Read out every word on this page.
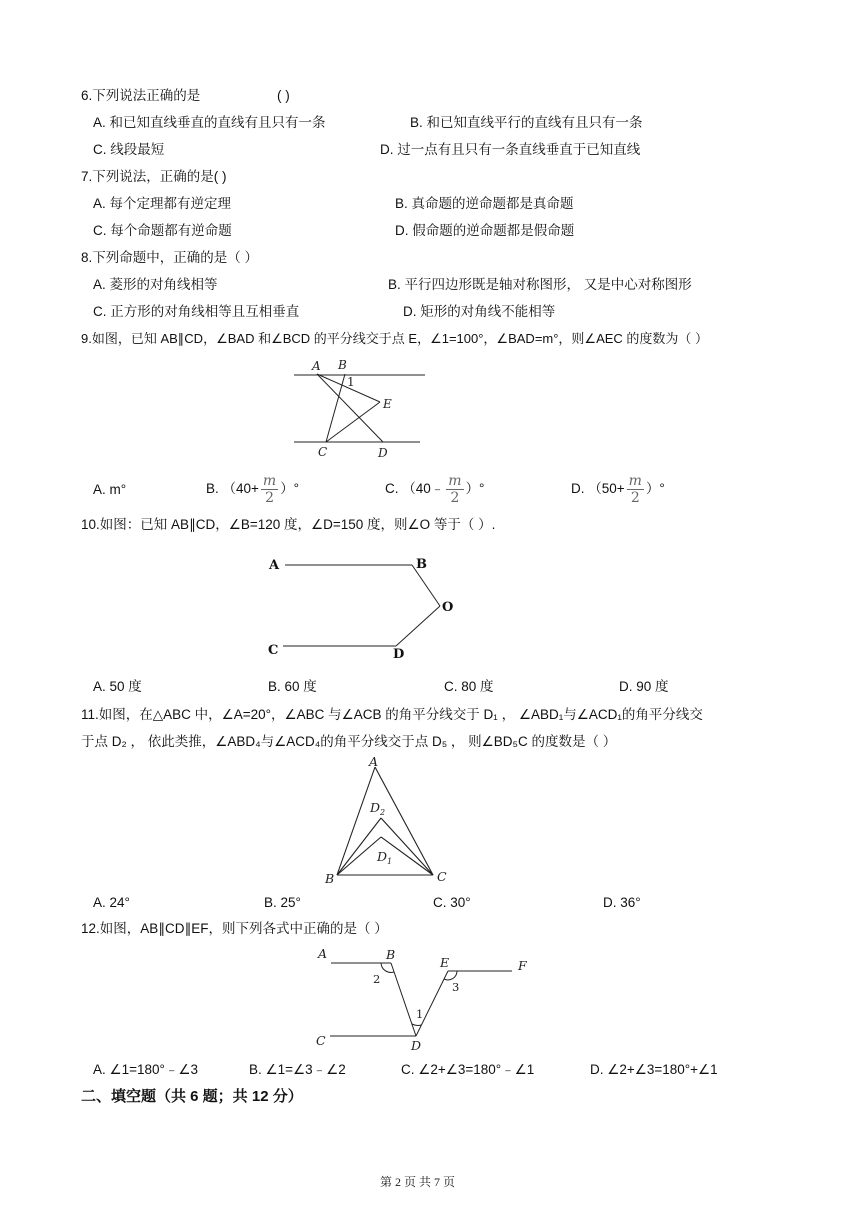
6.下列说法正确的是	( )
A. 和已知直线垂直的直线有且只有一条	B. 和已知直线平行的直线有且只有一条
C. 线段最短	D. 过一点有且只有一条直线垂直于已知直线
7.下列说法，正确的是( )
A. 每个定理都有逆定理	B. 真命题的逆命题都是真命题
C. 每个命题都有逆命题	D. 假命题的逆命题都是假命题
8.下列命题中，正确的是（ ）
A. 菱形的对角线相等	B. 平行四边形既是轴对称图形， 又是中心对称图形
C. 正方形的对角线相等且互相垂直	D. 矩形的对角线不能相等
9.如图，已知 AB∥CD，∠BAD 和∠BCD 的平分线交于点 E，∠1=100°，∠BAD=m°，则∠AEC 的度数为（ ）
A B
1
E
C	D
A. m°	B. （$40+ \frac{m}{2}$ ）°	C. （40﹣ $\frac{m}{2}$ ）°	D. （$50+ \frac{m}{2}$ ）°
10.如图：已知 AB∥CD，∠B=120 度，∠D=150 度，则∠O 等于（ ）.
A	B
O
C	D
A. 50 度	B. 60 度	C. 80 度	D. 90 度
11.如图，在△ABC 中，∠A=20°，∠ABC 与∠ACB 的角平分线交于 D₁ ， ∠ABD₁与∠ACD₁的角平分线交
于点 D₂ ， 依此类推，∠ABD₄与∠ACD₄的角平分线交于点 D₅ ， 则∠BD₅C 的度数是（ ）
A
D 2
D 1
B	C
A. 24°	B. 25°	C. 30°	D. 36°
12.如图，AB∥CD∥EF，则下列各式中正确的是（ ）
A	B
E	F
2
3
1
C	D
A. ∠1=180°﹣∠3	B. ∠1=∠3﹣∠2	C. ∠2+∠3=180°﹣∠1	D. ∠2+∠3=180°+∠1
二、填空题（共 6 题；共 12 分）
第 2 页 共 7 页
